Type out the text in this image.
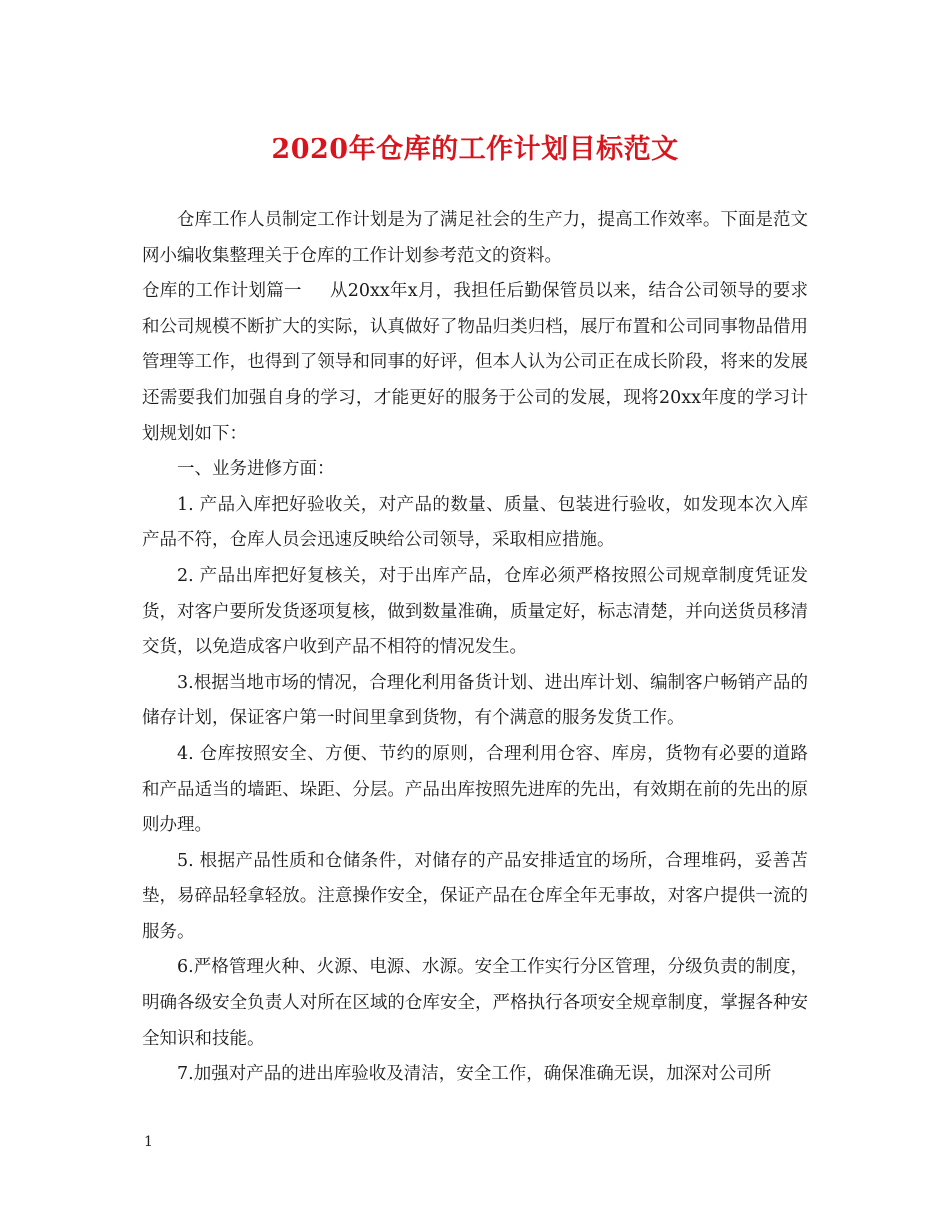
2020年仓库的工作计划目标范文

仓库工作人员制定工作计划是为了满足社会的生产力，提高工作效率。下面是范文网小编收集整理关于仓库的工作计划参考范文的资料。

仓库的工作计划篇一 从20xx年x月，我担任后勤保管员以来，结合公司领导的要求和公司规模不断扩大的实际，认真做好了物品归类归档，展厅布置和公司同事物品借用管理等工作，也得到了领导和同事的好评，但本人认为公司正在成长阶段，将来的发展还需要我们加强自身的学习，才能更好的服务于公司的发展，现将20xx年度的学习计划规划如下：

一、业务进修方面：

1. 产品入库把好验收关，对产品的数量、质量、包装进行验收，如发现本次入库产品不符，仓库人员会迅速反映给公司领导，采取相应措施。

2. 产品出库把好复核关，对于出库产品，仓库必须严格按照公司规章制度凭证发货，对客户要所发货逐项复核，做到数量准确，质量定好，标志清楚，并向送货员移清交货，以免造成客户收到产品不相符的情况发生。

3.根据当地市场的情况，合理化利用备货计划、进出库计划、编制客户畅销产品的储存计划，保证客户第一时间里拿到货物，有个满意的服务发货工作。

4. 仓库按照安全、方便、节约的原则，合理利用仓容、库房，货物有必要的道路和产品适当的墙距、垛距、分层。产品出库按照先进库的先出，有效期在前的先出的原则办理。

5. 根据产品性质和仓储条件，对储存的产品安排适宜的场所，合理堆码，妥善苫垫，易碎品轻拿轻放。注意操作安全，保证产品在仓库全年无事故，对客户提供一流的服务。

6.严格管理火种、火源、电源、水源。安全工作实行分区管理，分级负责的制度，明确各级安全负责人对所在区域的仓库安全，严格执行各项安全规章制度，掌握各种安全知识和技能。

7.加强对产品的进出库验收及清洁，安全工作，确保准确无误，加深对公司所

1
